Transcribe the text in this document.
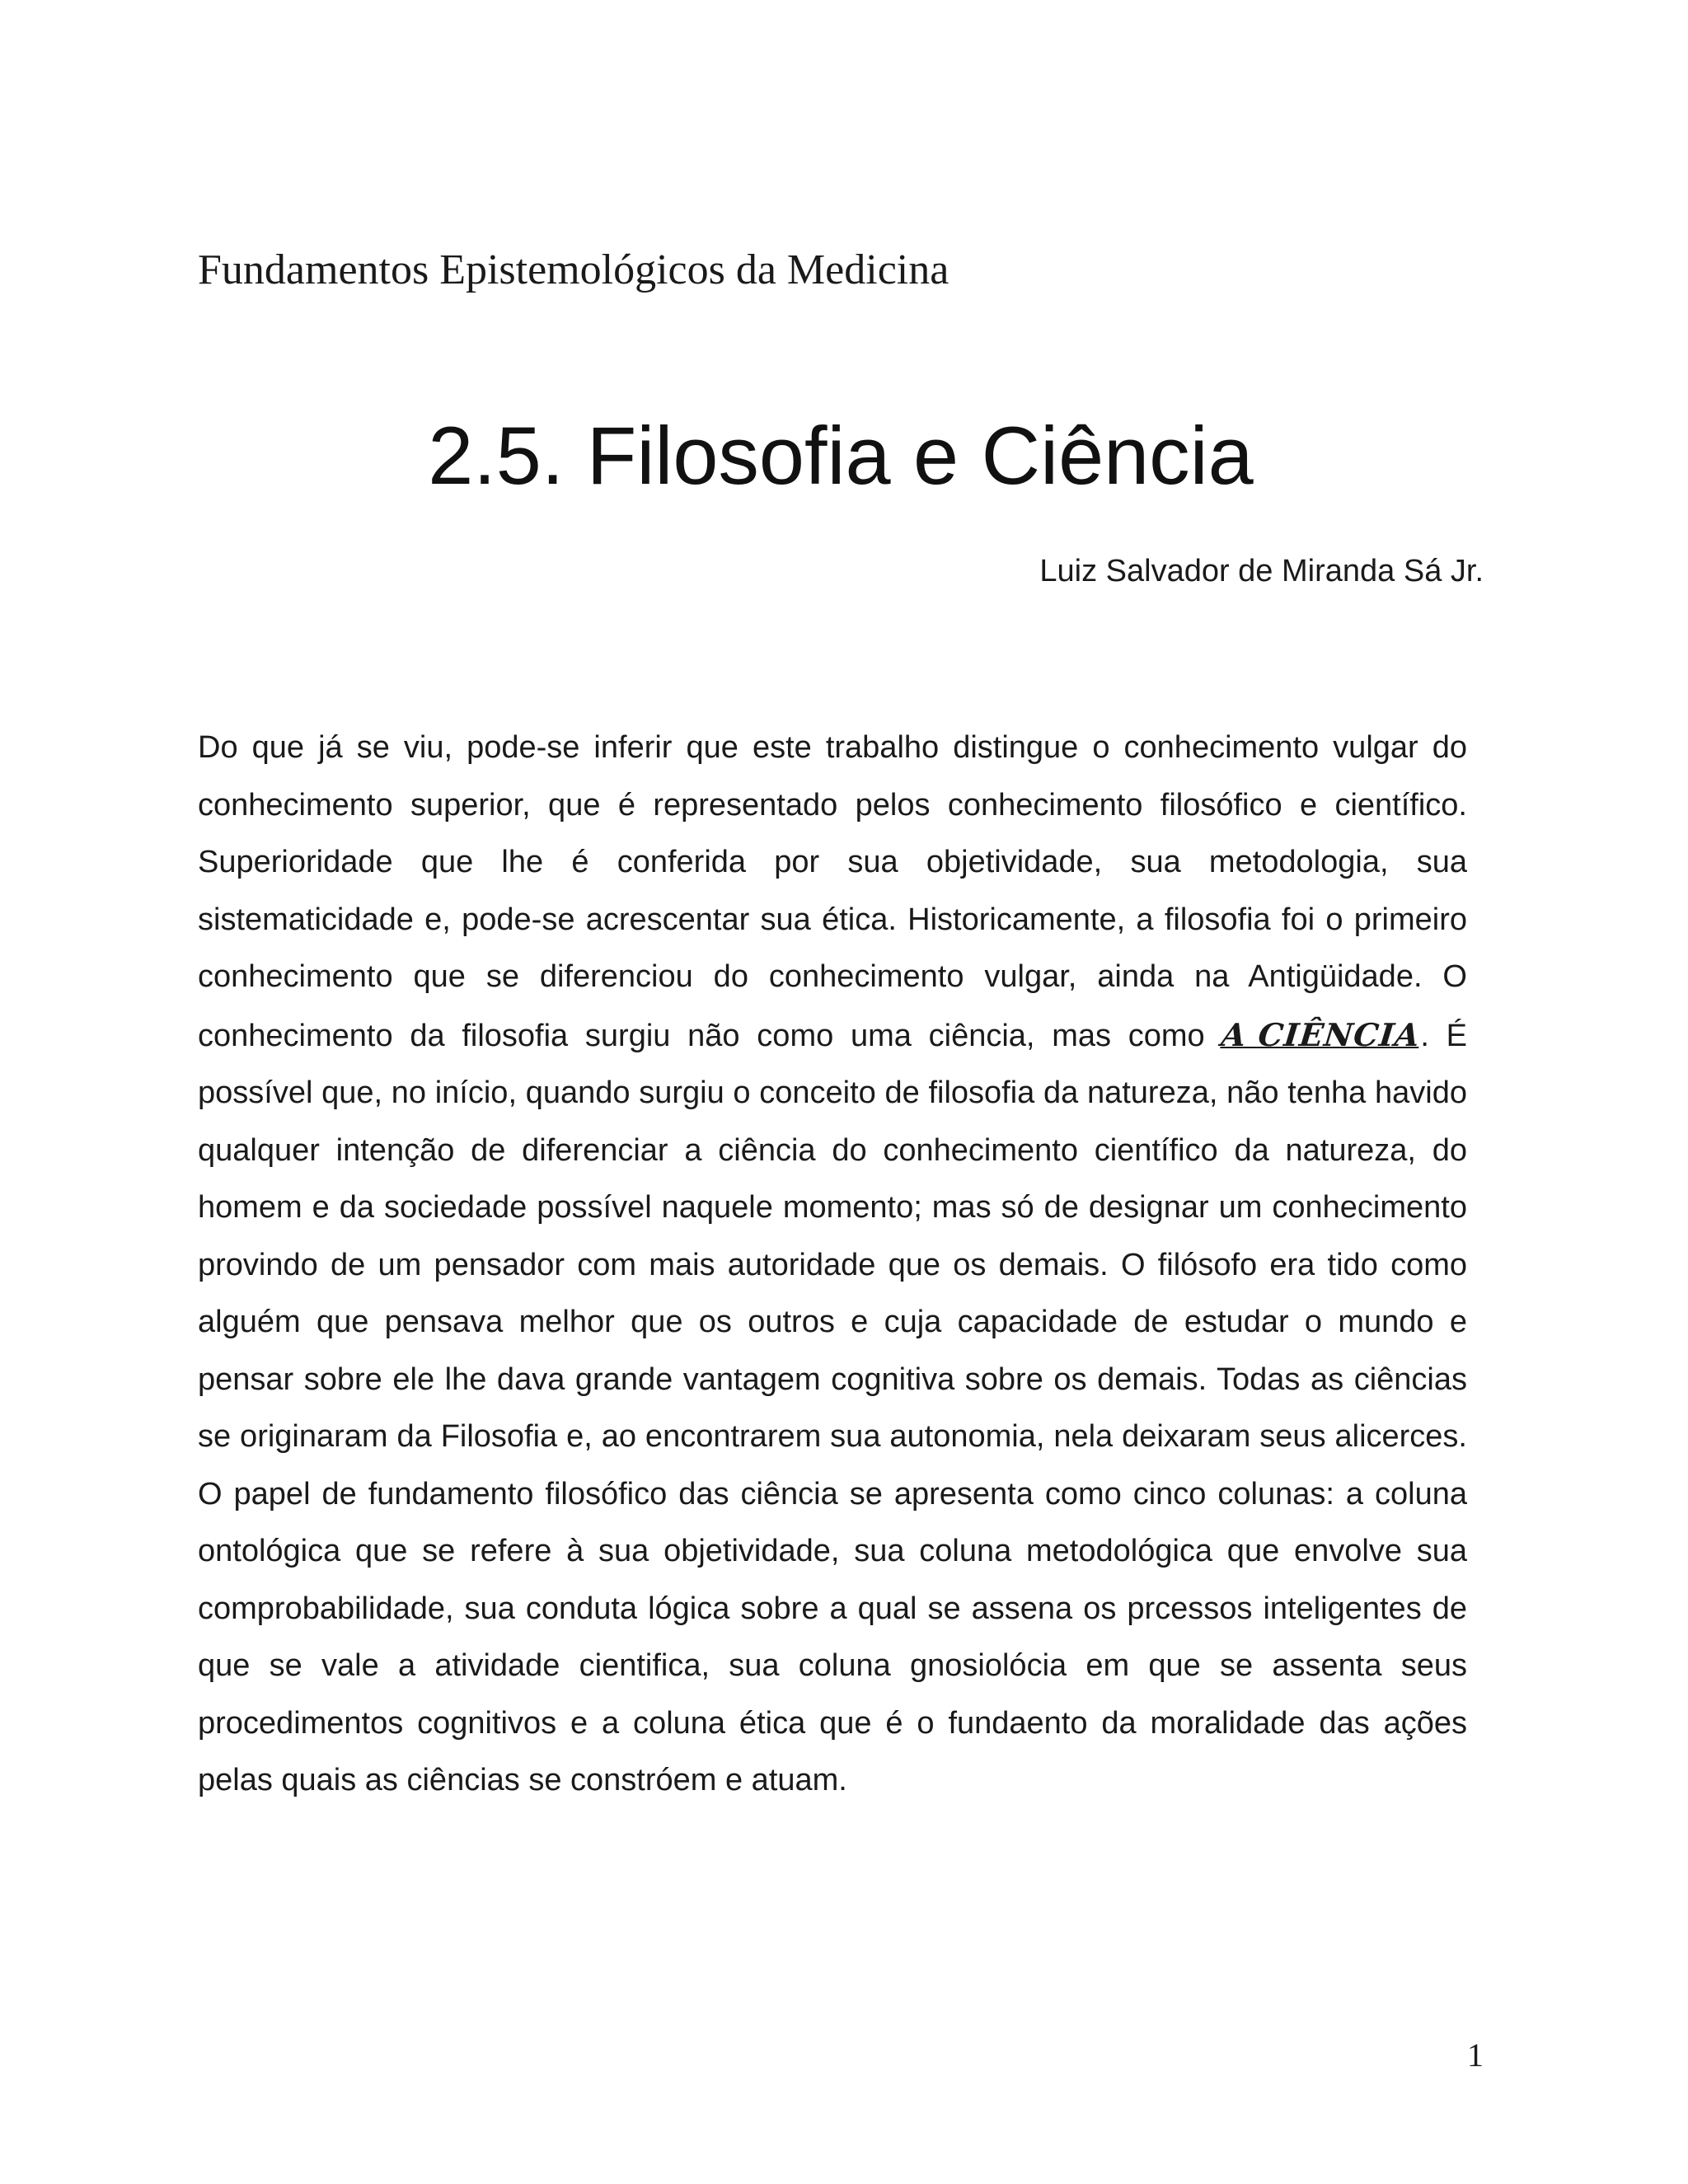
Fundamentos Epistemológicos da Medicina
2.5. Filosofia e Ciência
Luiz Salvador de Miranda Sá Jr.

Do que já se viu, pode-se inferir que este trabalho distingue o conhecimento vulgar do conhecimento superior, que é representado pelos conhecimento filosófico e científico. Superioridade que lhe é conferida por sua objetividade, sua metodologia, sua sistematicidade e, pode-se acrescentar sua ética. Historicamente, a filosofia foi o primeiro conhecimento que se diferenciou do conhecimento vulgar, ainda na Antigüidade. O conhecimento da filosofia surgiu não como uma ciência, mas como A CIÊNCIA. É possível que, no início, quando surgiu o conceito de filosofia da natureza, não tenha havido qualquer intenção de diferenciar a ciência do conhecimento científico da natureza, do homem e da sociedade possível naquele momento; mas só de designar um conhecimento provindo de um pensador com mais autoridade que os demais. O filósofo era tido como alguém que pensava melhor que os outros e cuja capacidade de estudar o mundo e pensar sobre ele lhe dava grande vantagem cognitiva sobre os demais. Todas as ciências se originaram da Filosofia e, ao encontrarem sua autonomia, nela deixaram seus alicerces. O papel de fundamento filosófico das ciência se apresenta como cinco colunas: a coluna ontológica que se refere à sua objetividade, sua coluna metodológica que envolve sua comprobabilidade, sua conduta lógica sobre a qual se assena os prcessos inteligentes de que se vale a atividade cientifica, sua coluna gnosiolócia em que se assenta seus procedimentos cognitivos e a coluna ética que é o fundaento da moralidade das ações pelas quais as ciências se constróem e atuam.

1
